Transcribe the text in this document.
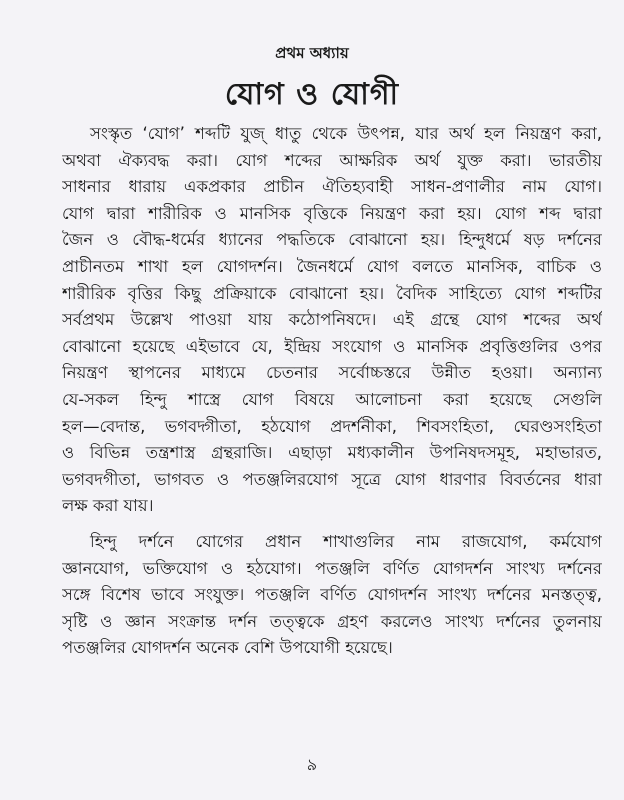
প্রথম অধ্যায়
যোগ ও যোগী
সংস্কৃত ‘যোগ’ শব্দটি যুজ্ ধাতু থেকে উৎপন্ন, যার অর্থ হল নিয়ন্ত্রণ করা,
অথবা ঐক্যবদ্ধ করা। যোগ শব্দের আক্ষরিক অর্থ যুক্ত করা। ভারতীয়
সাধনার ধারায় একপ্রকার প্রাচীন ঐতিহ্যবাহী সাধন-প্রণালীর নাম যোগ।
যোগ দ্বারা শারীরিক ও মানসিক বৃত্তিকে নিয়ন্ত্রণ করা হয়। যোগ শব্দ দ্বারা
জৈন ও বৌদ্ধ-ধর্মের ধ্যানের পদ্ধতিকে বোঝানো হয়। হিন্দুধর্মে ষড় দর্শনের
প্রাচীনতম শাখা হল যোগদর্শন। জৈনধর্মে যোগ বলতে মানসিক, বাচিক ও
শারীরিক বৃত্তির কিছু প্রক্রিয়াকে বোঝানো হয়। বৈদিক সাহিত্যে যোগ শব্দটির
সর্বপ্রথম উল্লেখ পাওয়া যায় কঠোপনিষদে। এই গ্রন্থে যোগ শব্দের অর্থ
বোঝানো হয়েছে এইভাবে যে, ইন্দ্রিয় সংযোগ ও মানসিক প্রবৃত্তিগুলির ওপর
নিয়ন্ত্রণ স্থাপনের মাধ্যমে চেতনার সর্বোচ্চস্তরে উন্নীত হওয়া। অন্যান্য
যে-সকল হিন্দু শাস্ত্রে যোগ বিষয়ে আলোচনা করা হয়েছে সেগুলি
হল—বেদান্ত, ভগবদ্গীতা, হঠযোগ প্রদর্শনীকা, শিবসংহিতা, ঘেরণ্ডসংহিতা
ও বিভিন্ন তন্ত্রশাস্ত্র গ্রন্থরাজি। এছাড়া মধ্যকালীন উপনিষদসমূহ, মহাভারত,
ভগবদগীতা, ভাগবত ও পতঞ্জলিরযোগ সূত্রে যোগ ধারণার বিবর্তনের ধারা
লক্ষ করা যায়।
হিন্দু দর্শনে যোগের প্রধান শাখাগুলির নাম রাজযোগ, কর্মযোগ
জ্ঞানযোগ, ভক্তিযোগ ও হঠযোগ। পতঞ্জলি বর্ণিত যোগদর্শন সাংখ্য দর্শনের
সঙ্গে বিশেষ ভাবে সংযুক্ত। পতঞ্জলি বর্ণিত যোগদর্শন সাংখ্য দর্শনের মনস্তত্ত্ব,
সৃষ্টি ও জ্ঞান সংক্রান্ত দর্শন তত্ত্বকে গ্রহণ করলেও সাংখ্য দর্শনের তুলনায়
পতঞ্জলির যোগদর্শন অনেক বেশি উপযোগী হয়েছে।
৯
